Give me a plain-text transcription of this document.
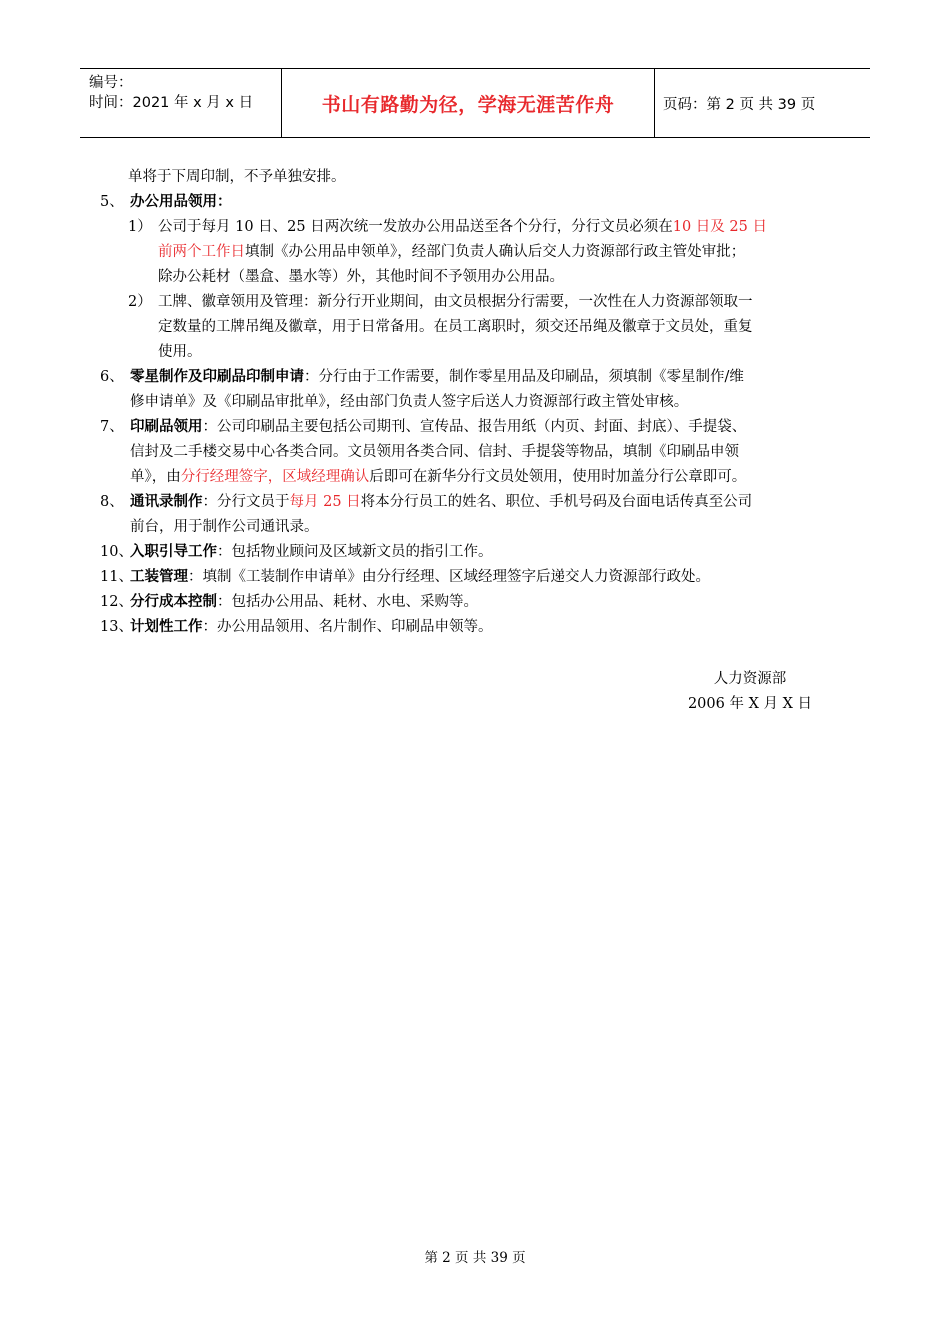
编号：
时间：2021 年 x 月 x 日	书山有路勤为径，学海无涯苦作舟	页码：第 2 页 共 39 页
单将于下周印制，不予单独安排。
5、 办公用品领用：
1） 公司于每月 10 日、25 日两次统一发放办公用品送至各个分行，分行文员必须在10 日及 25 日
前两个工作日填制《办公用品申领单》，经部门负责人确认后交人力资源部行政主管处审批；
除办公耗材（墨盒、墨水等）外，其他时间不予领用办公用品。
2） 工牌、徽章领用及管理：新分行开业期间，由文员根据分行需要，一次性在人力资源部领取一
定数量的工牌吊绳及徽章，用于日常备用。在员工离职时，须交还吊绳及徽章于文员处，重复
使用。
6、 零星制作及印刷品印制申请：分行由于工作需要，制作零星用品及印刷品，须填制《零星制作/维
修申请单》及《印刷品审批单》，经由部门负责人签字后送人力资源部行政主管处审核。
7、 印刷品领用：公司印刷品主要包括公司期刊、宣传品、报告用纸（内页、封面、封底）、手提袋、
信封及二手楼交易中心各类合同。文员领用各类合同、信封、手提袋等物品，填制《印刷品申领
单》，由分行经理签字，区域经理确认后即可在新华分行文员处领用，使用时加盖分行公章即可。
8、 通讯录制作：分行文员于每月 25 日将本分行员工的姓名、职位、手机号码及台面电话传真至公司
前台，用于制作公司通讯录。
10、
入职引导工作：包括物业顾问及区域新文员的指引工作。
11、
工装管理：填制《工装制作申请单》由分行经理、区域经理签字后递交人力资源部行政处。
12、
分行成本控制：包括办公用品、耗材、水电、采购等。
13、
计划性工作：办公用品领用、名片制作、印刷品申领等。
人力资源部
2006 年 X 月 X 日
第 2 页 共 39 页
